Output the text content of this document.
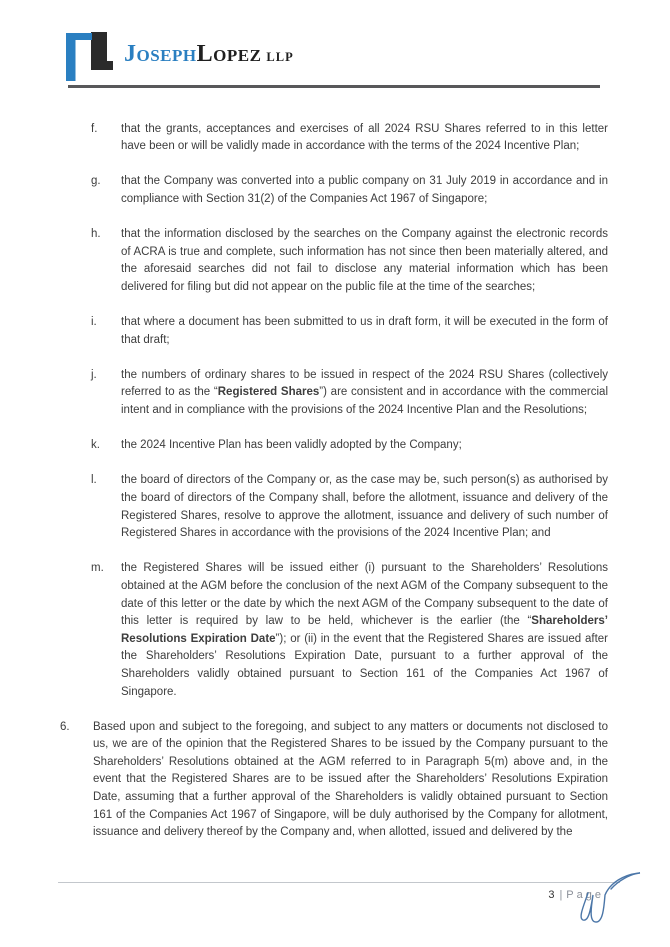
JosephLopez LLP
f.	that the grants, acceptances and exercises of all 2024 RSU Shares referred to in this letter have been or will be validly made in accordance with the terms of the 2024 Incentive Plan;
g.	that the Company was converted into a public company on 31 July 2019 in accordance and in compliance with Section 31(2) of the Companies Act 1967 of Singapore;
h.	that the information disclosed by the searches on the Company against the electronic records of ACRA is true and complete, such information has not since then been materially altered, and the aforesaid searches did not fail to disclose any material information which has been delivered for filing but did not appear on the public file at the time of the searches;
i.	that where a document has been submitted to us in draft form, it will be executed in the form of that draft;
j.	the numbers of ordinary shares to be issued in respect of the 2024 RSU Shares (collectively referred to as the “Registered Shares”) are consistent and in accordance with the commercial intent and in compliance with the provisions of the 2024 Incentive Plan and the Resolutions;
k.	the 2024 Incentive Plan has been validly adopted by the Company;
l.	the board of directors of the Company or, as the case may be, such person(s) as authorised by the board of directors of the Company shall, before the allotment, issuance and delivery of the Registered Shares, resolve to approve the allotment, issuance and delivery of such number of Registered Shares in accordance with the provisions of the 2024 Incentive Plan; and
m.	the Registered Shares will be issued either (i) pursuant to the Shareholders’ Resolutions obtained at the AGM before the conclusion of the next AGM of the Company subsequent to the date of this letter or the date by which the next AGM of the Company subsequent to the date of this letter is required by law to be held, whichever is the earlier (the “Shareholders’ Resolutions Expiration Date”); or (ii) in the event that the Registered Shares are issued after the Shareholders’ Resolutions Expiration Date, pursuant to a further approval of the Shareholders validly obtained pursuant to Section 161 of the Companies Act 1967 of Singapore.
6.	Based upon and subject to the foregoing, and subject to any matters or documents not disclosed to us, we are of the opinion that the Registered Shares to be issued by the Company pursuant to the Shareholders’ Resolutions obtained at the AGM referred to in Paragraph 5(m) above and, in the event that the Registered Shares are to be issued after the Shareholders’ Resolutions Expiration Date, assuming that a further approval of the Shareholders is validly obtained pursuant to Section 161 of the Companies Act 1967 of Singapore, will be duly authorised by the Company for allotment, issuance and delivery thereof by the Company and, when allotted, issued and delivered by the
3 | Page
